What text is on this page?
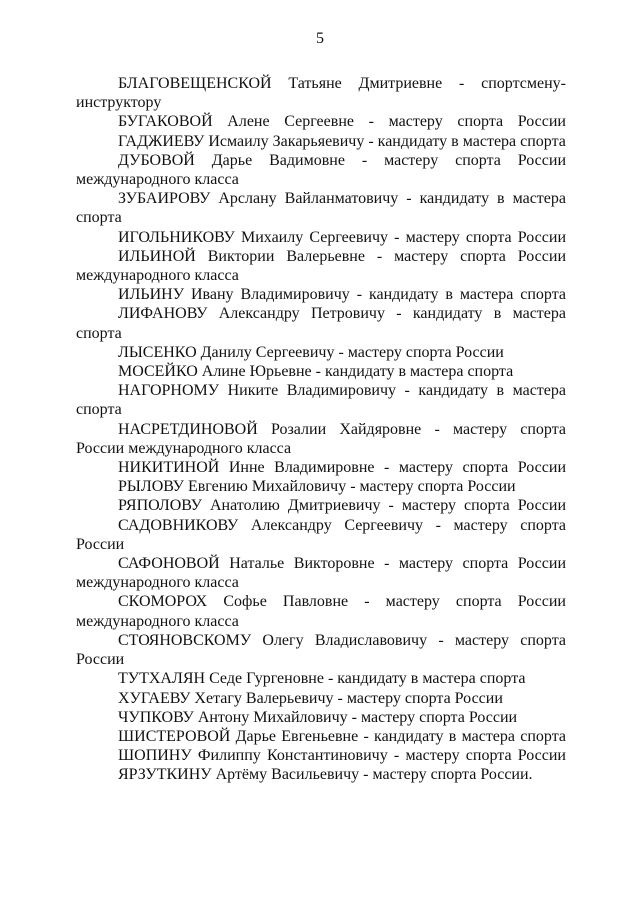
5

БЛАГОВЕЩЕНСКОЙ Татьяне Дмитриевне - спортсмену-инструктору

БУГАКОВОЙ Алене Сергеевне - мастеру спорта России

ГАДЖИЕВУ Исмаилу Закарьяевичу - кандидату в мастера спорта

ДУБОВОЙ Дарье Вадимовне - мастеру спорта России международного класса

ЗУБАИРОВУ Арслану Вайланматовичу - кандидату в мастера спорта

ИГОЛЬНИКОВУ Михаилу Сергеевичу - мастеру спорта России

ИЛЬИНОЙ Виктории Валерьевне - мастеру спорта России международного класса

ИЛЬИНУ Ивану Владимировичу - кандидату в мастера спорта

ЛИФАНОВУ Александру Петровичу - кандидату в мастера спорта

ЛЫСЕНКО Данилу Сергеевичу - мастеру спорта России

МОСЕЙКО Алине Юрьевне - кандидату в мастера спорта

НАГОРНОМУ Никите Владимировичу - кандидату в мастера спорта

НАСРЕТДИНОВОЙ Розалии Хайдяровне - мастеру спорта России международного класса

НИКИТИНОЙ Инне Владимировне - мастеру спорта России

РЫЛОВУ Евгению Михайловичу - мастеру спорта России

РЯПОЛОВУ Анатолию Дмитриевичу - мастеру спорта России

САДОВНИКОВУ Александру Сергеевичу - мастеру спорта России

САФОНОВОЙ Наталье Викторовне - мастеру спорта России международного класса

СКОМОРОХ Софье Павловне - мастеру спорта России международного класса

СТОЯНОВСКОМУ Олегу Владиславовичу - мастеру спорта России

ТУТХАЛЯН Седе Гургеновне - кандидату в мастера спорта

ХУГАЕВУ Хетагу Валерьевичу - мастеру спорта России

ЧУПКОВУ Антону Михайловичу - мастеру спорта России

ШИСТЕРОВОЙ Дарье Евгеньевне - кандидату в мастера спорта

ШОПИНУ Филиппу Константиновичу - мастеру спорта России

ЯРЗУТКИНУ Артёму Васильевичу - мастеру спорта России.
